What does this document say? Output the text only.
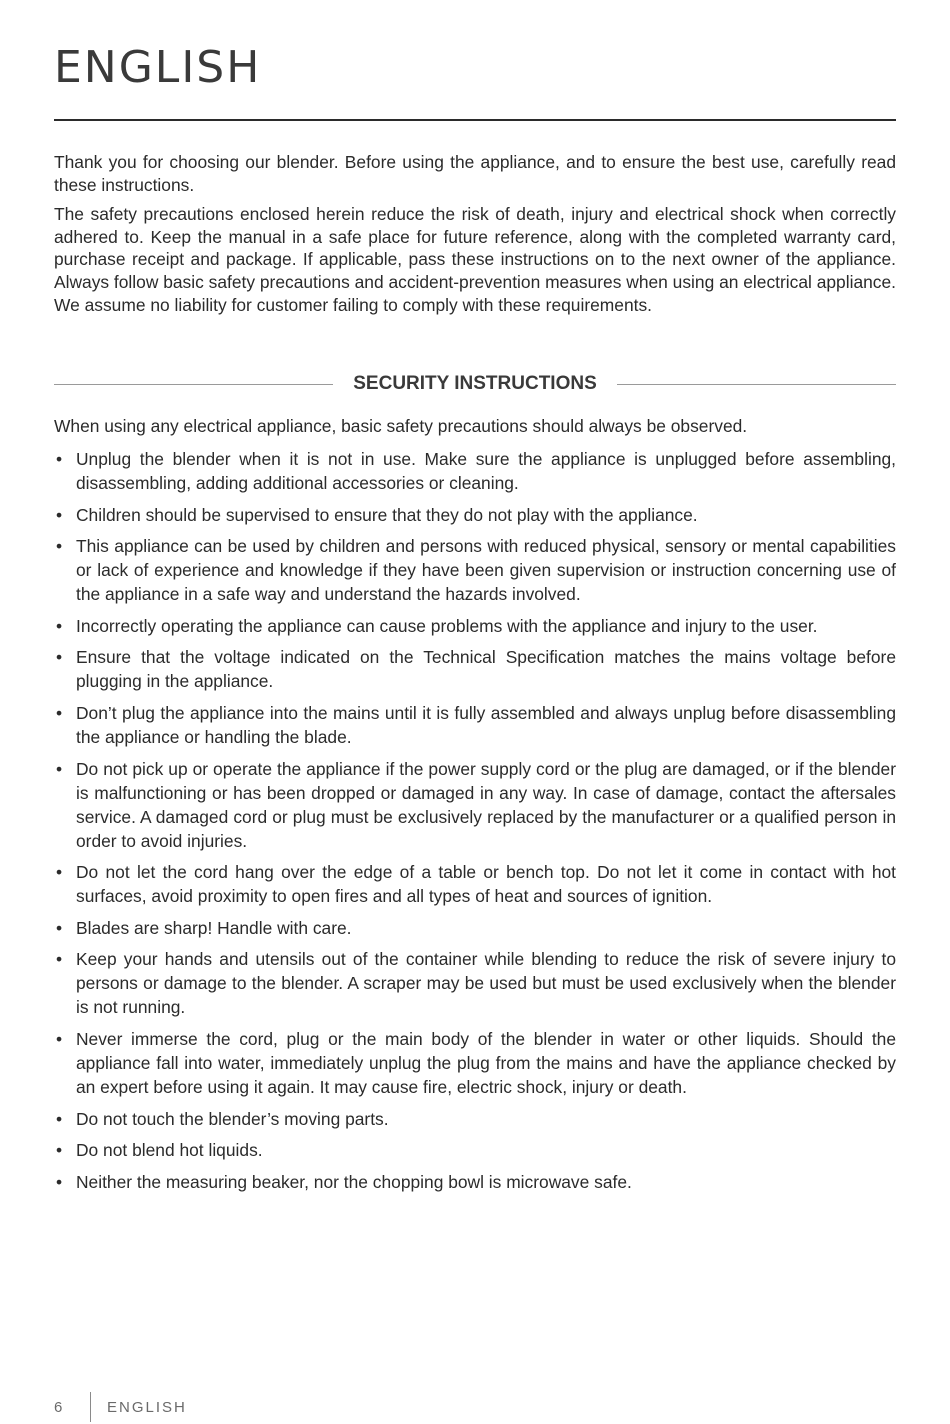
ENGLISH

Thank you for choosing our blender. Before using the appliance, and to ensure the best use, carefully read these instructions.

The safety precautions enclosed herein reduce the risk of death, injury and electrical shock when correctly adhered to. Keep the manual in a safe place for future reference, along with the completed warranty card, purchase receipt and package. If applicable, pass these instructions on to the next owner of the appliance. Always follow basic safety precautions and accident-prevention measures when using an electrical appliance. We assume no liability for customer failing to comply with these requirements.

SECURITY INSTRUCTIONS

When using any electrical appliance, basic safety precautions should always be observed.

• Unplug the blender when it is not in use. Make sure the appliance is unplugged before assembling, disassembling, adding additional accessories or cleaning.
• Children should be supervised to ensure that they do not play with the appliance.
• This appliance can be used by children and persons with reduced physical, sensory or mental capabilities or lack of experience and knowledge if they have been given supervision or instruction concerning use of the appliance in a safe way and understand the hazards involved.
• Incorrectly operating the appliance can cause problems with the appliance and injury to the user.
• Ensure that the voltage indicated on the Technical Specification matches the mains voltage before plugging in the appliance.
• Don’t plug the appliance into the mains until it is fully assembled and always unplug before disassembling the appliance or handling the blade.
• Do not pick up or operate the appliance if the power supply cord or the plug are damaged, or if the blender is malfunctioning or has been dropped or damaged in any way. In case of damage, contact the aftersales service. A damaged cord or plug must be exclusively replaced by the manufacturer or a qualified person in order to avoid injuries.
• Do not let the cord hang over the edge of a table or bench top. Do not let it come in contact with hot surfaces, avoid proximity to open fires and all types of heat and sources of ignition.
• Blades are sharp! Handle with care.
• Keep your hands and utensils out of the container while blending to reduce the risk of severe injury to persons or damage to the blender. A scraper may be used but must be used exclusively when the blender is not running.
• Never immerse the cord, plug or the main body of the blender in water or other liquids. Should the appliance fall into water, immediately unplug the plug from the mains and have the appliance checked by an expert before using it again. It may cause fire, electric shock, injury or death.
• Do not touch the blender’s moving parts.
• Do not blend hot liquids.
• Neither the measuring beaker, nor the chopping bowl is microwave safe.
6	ENGLISH
